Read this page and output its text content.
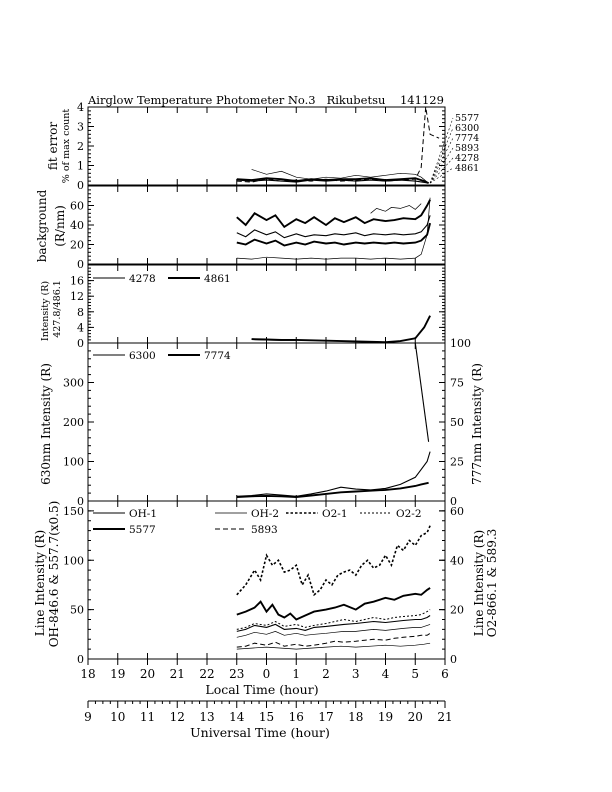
Airglow Temperature Photometer No.3   Rikubetsu    141129
fit error % of max count
background (R/nm)
Intensity (R) 427.8/486.1
630nm Intensity (R)	777nm Intensity (R)
Line Intensity (R) OH-846.6 & 557.7(x0.5)	Line Intensity (R) O2-866.1 & 589.3
Local Time (hour)
Universal Time (hour)
0
1
2
3
4
5577
6300
7774
5893
4278
4861
0
20
40
60
0
4
8
12
16	4278	4861
0
100
200
300
0
25
50
75
100
6300	7774
0
50
100
150
0
20
40
60
OH-1	OH-2	O2-1	O2-2
5577	5893
18 19 20 21 22 23 0 1 2 3 4 5 6
9 10 11 12 13 14 15 16 17 18 19 20 21
